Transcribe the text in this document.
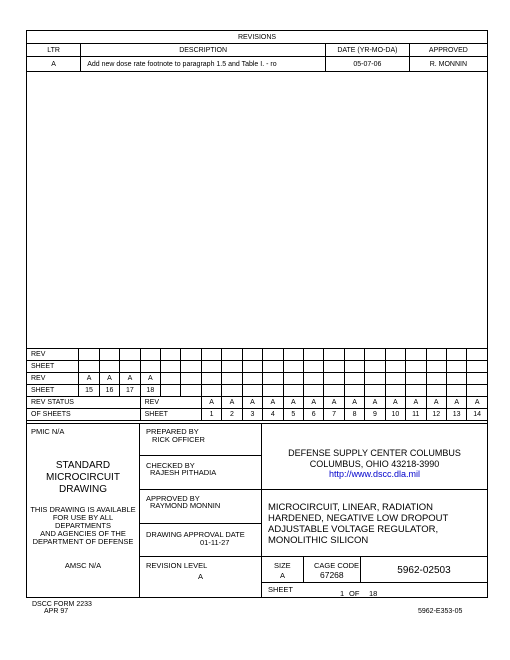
REVISIONS			
LTR	DESCRIPTION	DATE (YR-MO-DA)	APPROVED
A	Add new dose rate footnote to paragraph 1.5 and Table I. - ro	05-07-06	R. MONNIN
REV																				
SHEET																				
REV	A	A	A	A																
SHEET	15	16	17	18																
REV STATUS				REV			A	A	A	A	A	A	A	A	A	A	A	A	A	A
OF SHEETS				SHEET			1	2	3	4	5	6	7	8	9	10	11	12	13	14
PMIC N/A
STANDARD
MICROCIRCUIT
DRAWING
THIS DRAWING IS AVAILABLE
FOR USE BY ALL
DEPARTMENTS
AND AGENCIES OF THE
DEPARTMENT OF DEFENSE
AMSC N/A
PREPARED BY
RICK OFFICER
CHECKED BY
RAJESH PITHADIA
APPROVED BY
RAYMOND MONNIN
DRAWING APPROVAL DATE
01-11-27
REVISION LEVEL
A
DEFENSE SUPPLY CENTER COLUMBUS
COLUMBUS, OHIO 43218-3990
http://www.dscc.dla.mil
MICROCIRCUIT, LINEAR, RADIATION
HARDENED, NEGATIVE LOW DROPOUT
ADJUSTABLE VOLTAGE REGULATOR,
MONOLITHIC SILICON
SIZE
A
CAGE CODE
67268	5962-02503
SHEET	1 OF 18
DSCC FORM 2233
APR 97	5962-E353-05
